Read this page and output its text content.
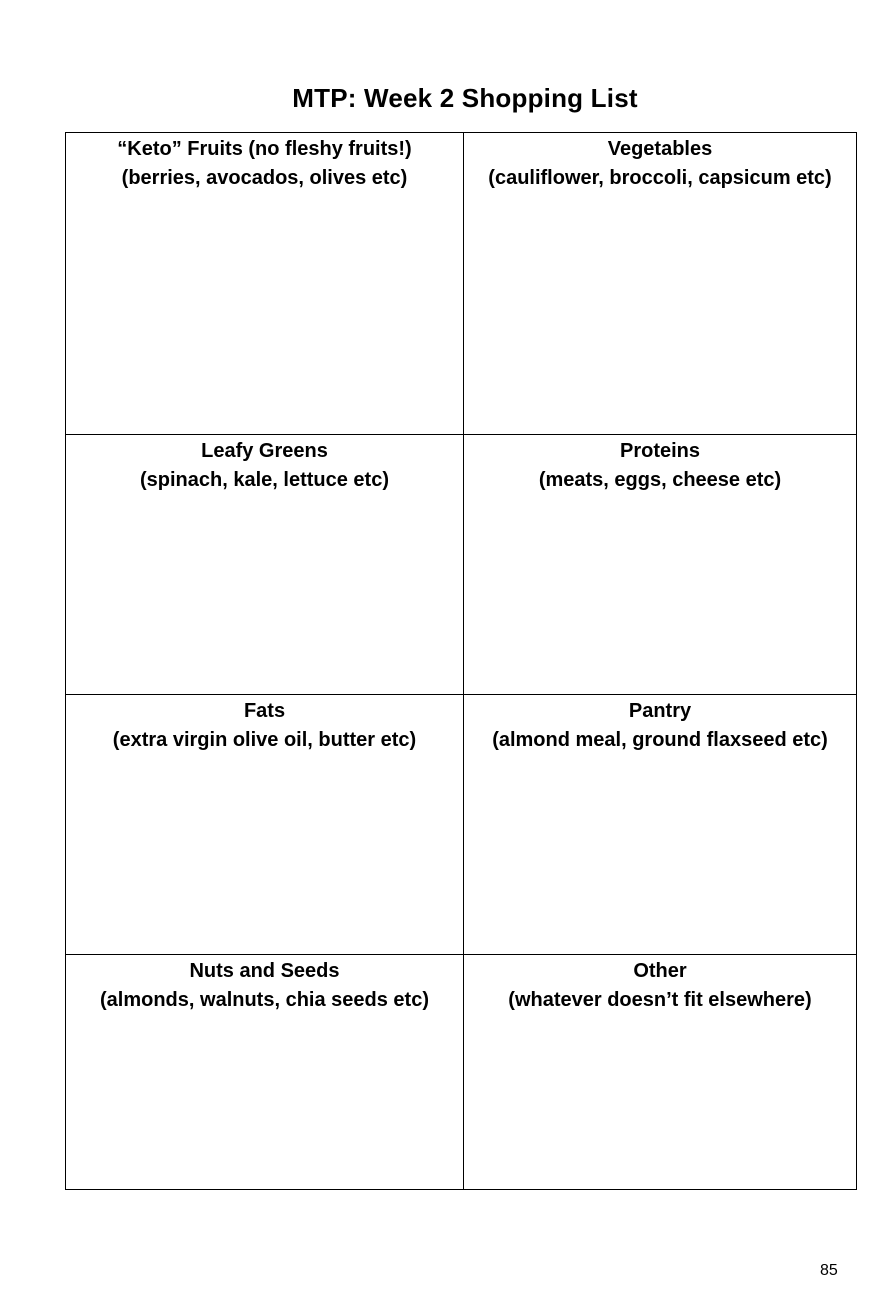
MTP: Week 2 Shopping List
“Keto” Fruits (no fleshy fruits!)
(berries, avocados, olives etc)
Vegetables
(cauliflower, broccoli, capsicum etc)
Leafy Greens
(spinach, kale, lettuce etc)
Proteins
(meats, eggs, cheese etc)
Fats
(extra virgin olive oil, butter etc)
Pantry
(almond meal, ground flaxseed etc)
Nuts and Seeds
(almonds, walnuts, chia seeds etc)
Other
(whatever doesn’t fit elsewhere)
85
